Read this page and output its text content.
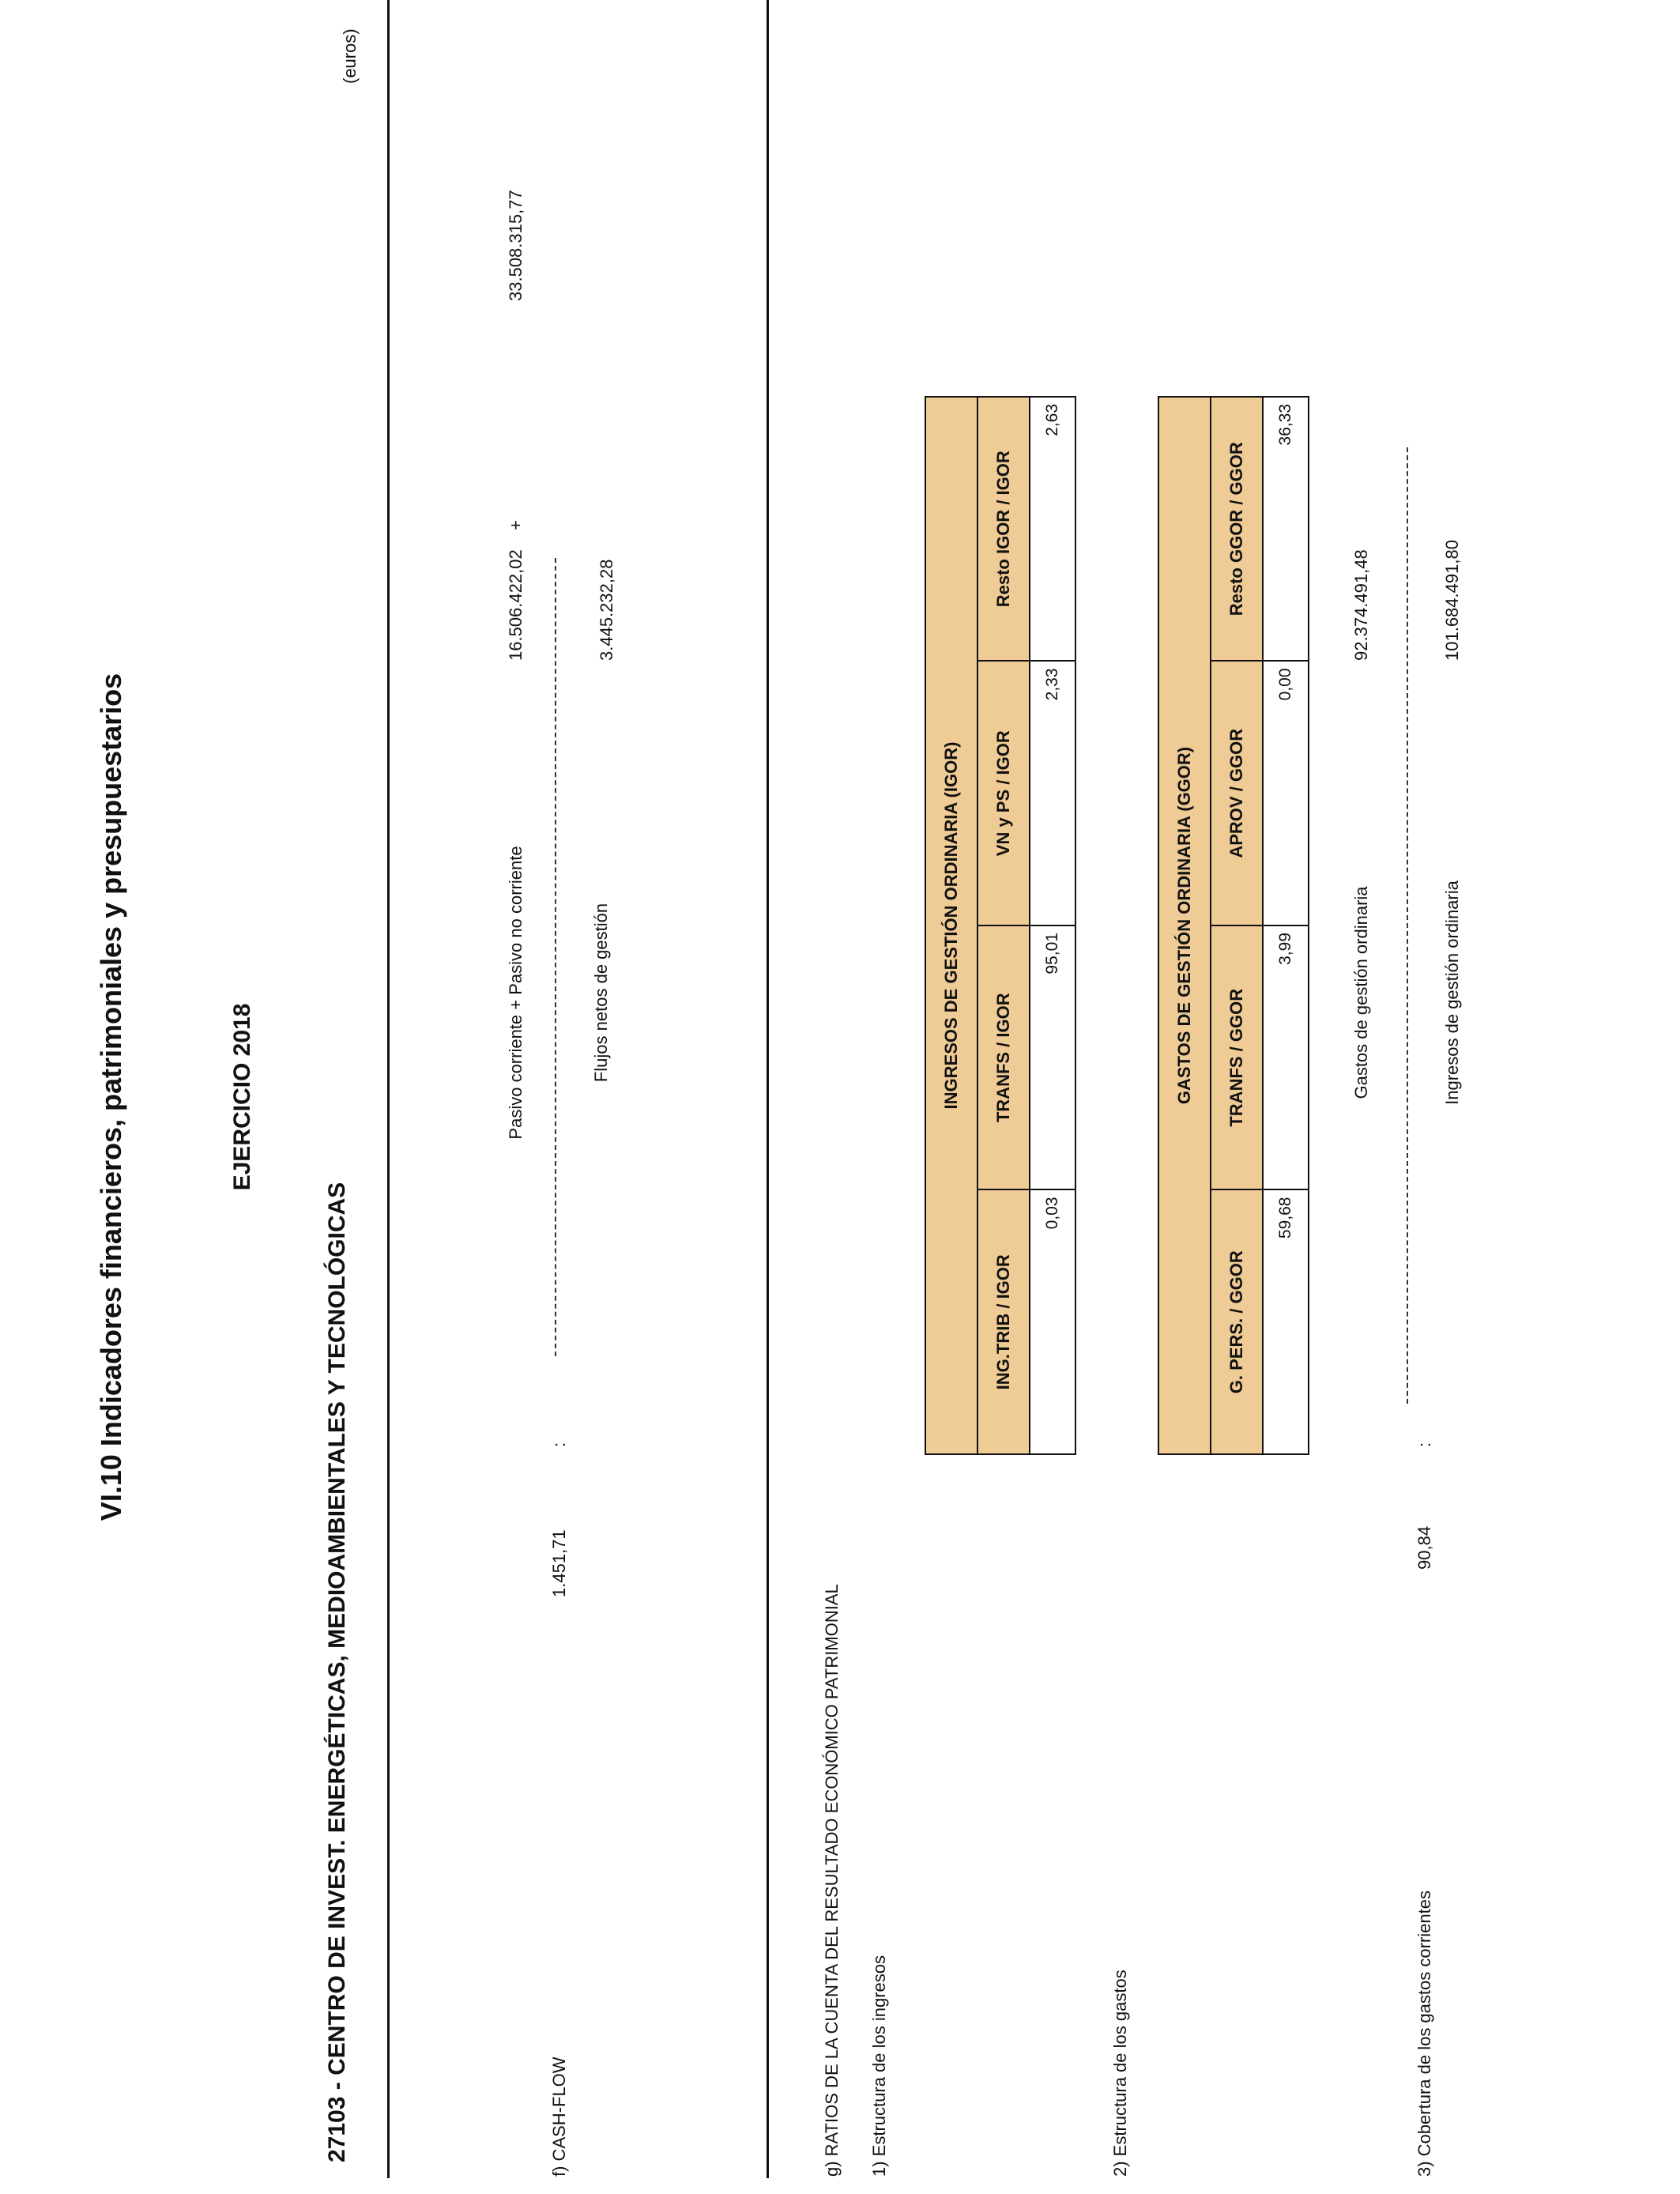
VI.10 Indicadores financieros, patrimoniales y presupuestarios	EJERCICIO 2018
27103 - CENTRO DE INVEST. ENERGÉTICAS, MEDIOAMBIENTALES Y TECNOLÓGICAS
(euros)
f) CASH-FLOW
1.451,71
:
Pasivo corriente + Pasivo no corriente	Flujos netos de gestión
16.506.422,02
+
33.508.315,77
3.445.232,28
g) RATIOS DE LA CUENTA DEL RESULTADO ECONÓMICO PATRIMONIAL 1) Estructura de los ingresos
INGRESOS DE GESTIÓN ORDINARIA (IGOR)			
ING.TRIB / IGOR	TRANFS / IGOR	VN y PS / IGOR	Resto IGOR / IGOR
0,03	95,01	2,33	2,63
2) Estructura de los gastos
GASTOS DE GESTIÓN ORDINARIA (GGOR)			
G. PERS. / GGOR	TRANFS / GGOR	APROV / GGOR	Resto GGOR / GGOR
59,68	3,99	0,00	36,33
3) Cobertura de los gastos corrientes
90,84
:
Gastos de gestión ordinaria	Ingresos de gestión ordinaria
92.374.491,48	101.684.491,80
